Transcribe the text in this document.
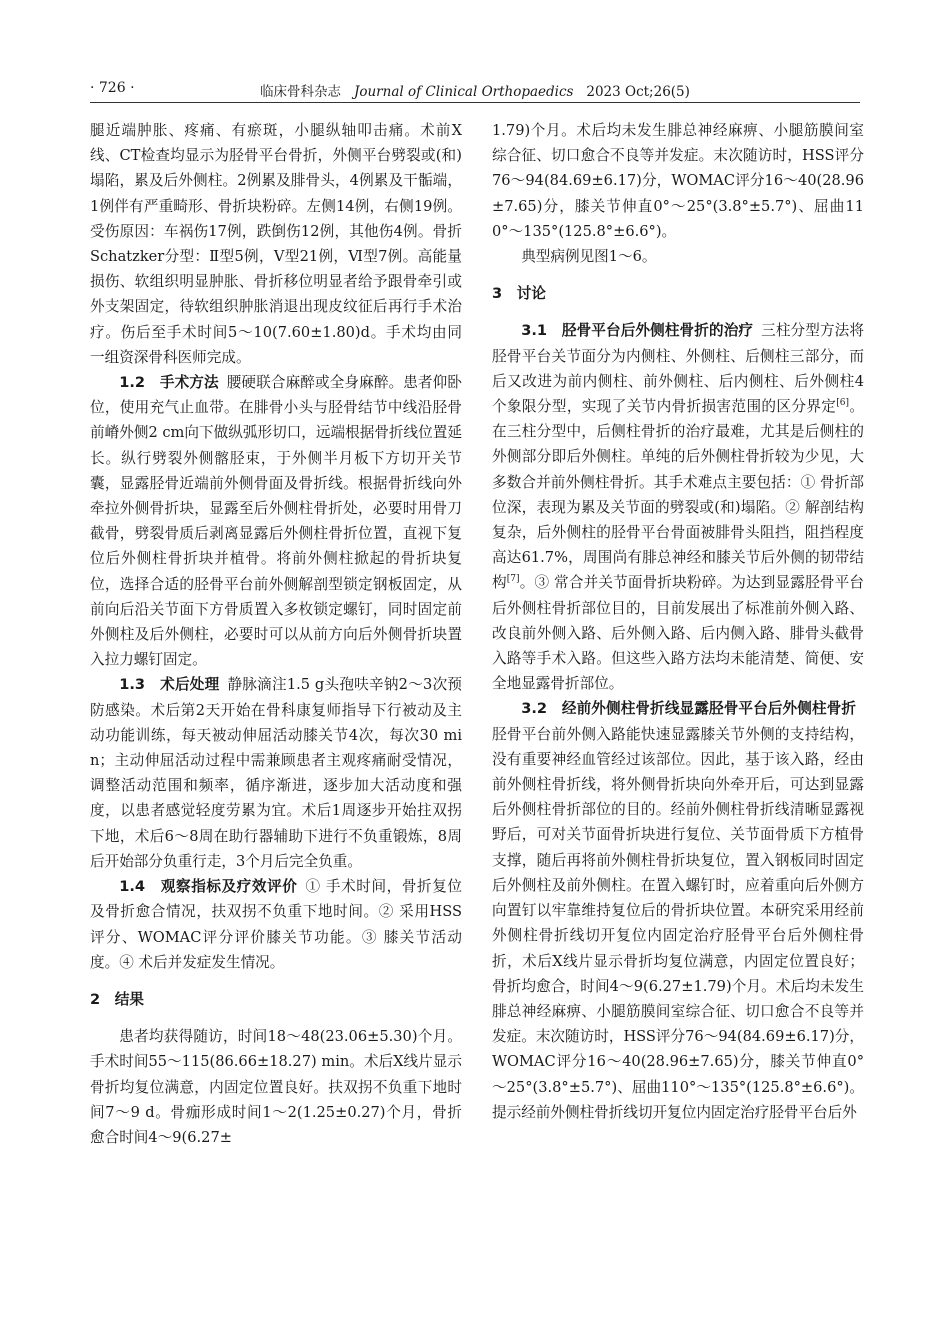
· 726 ·	临床骨科杂志 Journal of Clinical Orthopaedics 2023 Oct;26(5)

腿近端肿胀、疼痛、有瘀斑，小腿纵轴叩击痛。术前X线、CT检查均显示为胫骨平台骨折，外侧平台劈裂或(和)塌陷，累及后外侧柱。2例累及腓骨头，4例累及干骺端，1例伴有严重畸形、骨折块粉碎。左侧14例，右侧19例。受伤原因：车祸伤17例，跌倒伤12例，其他伤4例。骨折Schatzker分型：Ⅱ型5例，Ⅴ型21例，Ⅵ型7例。高能量损伤、软组织明显肿胀、骨折移位明显者给予跟骨牵引或外支架固定，待软组织肿胀消退出现皮纹征后再行手术治疗。伤后至手术时间5～10(7.60±1.80)d。手术均由同一组资深骨科医师完成。

1.2　手术方法 腰硬联合麻醉或全身麻醉。患者仰卧位，使用充气止血带。在腓骨小头与胫骨结节中线沿胫骨前嵴外侧2 cm向下做纵弧形切口，远端根据骨折线位置延长。纵行劈裂外侧髂胫束，于外侧半月板下方切开关节囊，显露胫骨近端前外侧骨面及骨折线。根据骨折线向外牵拉外侧骨折块，显露至后外侧柱骨折处，必要时用骨刀截骨，劈裂骨质后剥离显露后外侧柱骨折位置，直视下复位后外侧柱骨折块并植骨。将前外侧柱掀起的骨折块复位，选择合适的胫骨平台前外侧解剖型锁定钢板固定，从前向后沿关节面下方骨质置入多枚锁定螺钉，同时固定前外侧柱及后外侧柱，必要时可以从前方向后外侧骨折块置入拉力螺钉固定。

1.3　术后处理 静脉滴注1.5 g头孢呋辛钠2～3次预防感染。术后第2天开始在骨科康复师指导下行被动及主动功能训练，每天被动伸屈活动膝关节4次，每次30 min；主动伸屈活动过程中需兼顾患者主观疼痛耐受情况，调整活动范围和频率，循序渐进，逐步加大活动度和强度，以患者感觉轻度劳累为宜。术后1周逐步开始拄双拐下地，术后6～8周在助行器辅助下进行不负重锻炼，8周后开始部分负重行走，3个月后完全负重。

1.4　观察指标及疗效评价 ① 手术时间，骨折复位及骨折愈合情况，扶双拐不负重下地时间。② 采用HSS评分、WOMAC评分评价膝关节功能。③ 膝关节活动度。④ 术后并发症发生情况。

2　结果

患者均获得随访，时间18～48(23.06±5.30)个月。手术时间55～115(86.66±18.27) min。术后X线片显示骨折均复位满意，内固定位置良好。扶双拐不负重下地时间7～9 d。骨痂形成时间1～2(1.25±0.27)个月，骨折愈合时间4～9(6.27±

1.79)个月。术后均未发生腓总神经麻痹、小腿筋膜间室综合征、切口愈合不良等并发症。末次随访时，HSS评分76～94(84.69±6.17)分，WOMAC评分16～40(28.96±7.65)分，膝关节伸直0°～25°(3.8°±5.7°)、屈曲110°～135°(125.8°±6.6°)。

典型病例见图1～6。

3　讨论

3.1　胫骨平台后外侧柱骨折的治疗 三柱分型方法将胫骨平台关节面分为内侧柱、外侧柱、后侧柱三部分，而后又改进为前内侧柱、前外侧柱、后内侧柱、后外侧柱4个象限分型，实现了关节内骨折损害范围的区分界定[6]。在三柱分型中，后侧柱骨折的治疗最难，尤其是后侧柱的外侧部分即后外侧柱。单纯的后外侧柱骨折较为少见，大多数合并前外侧柱骨折。其手术难点主要包括：① 骨折部位深，表现为累及关节面的劈裂或(和)塌陷。② 解剖结构复杂，后外侧柱的胫骨平台骨面被腓骨头阻挡，阻挡程度高达61.7%，周围尚有腓总神经和膝关节后外侧的韧带结构[7]。③ 常合并关节面骨折块粉碎。为达到显露胫骨平台后外侧柱骨折部位目的，目前发展出了标准前外侧入路、改良前外侧入路、后外侧入路、后内侧入路、腓骨头截骨入路等手术入路。但这些入路方法均未能清楚、简便、安全地显露骨折部位。

3.2　经前外侧柱骨折线显露胫骨平台后外侧柱骨折胫骨平台前外侧入路能快速显露膝关节外侧的支持结构，没有重要神经血管经过该部位。因此，基于该入路，经由前外侧柱骨折线，将外侧骨折块向外牵开后，可达到显露后外侧柱骨折部位的目的。经前外侧柱骨折线清晰显露视野后，可对关节面骨折块进行复位、关节面骨质下方植骨支撑，随后再将前外侧柱骨折块复位，置入钢板同时固定后外侧柱及前外侧柱。在置入螺钉时，应着重向后外侧方向置钉以牢靠维持复位后的骨折块位置。本研究采用经前外侧柱骨折线切开复位内固定治疗胫骨平台后外侧柱骨折，术后X线片显示骨折均复位满意，内固定位置良好；骨折均愈合，时间4～9(6.27±1.79)个月。术后均未发生腓总神经麻痹、小腿筋膜间室综合征、切口愈合不良等并发症。末次随访时，HSS评分76～94(84.69±6.17)分，WOMAC评分16～40(28.96±7.65)分，膝关节伸直0°～25°(3.8°±5.7°)、屈曲110°～135°(125.8°±6.6°)。提示经前外侧柱骨折线切开复位内固定治疗胫骨平台后外
